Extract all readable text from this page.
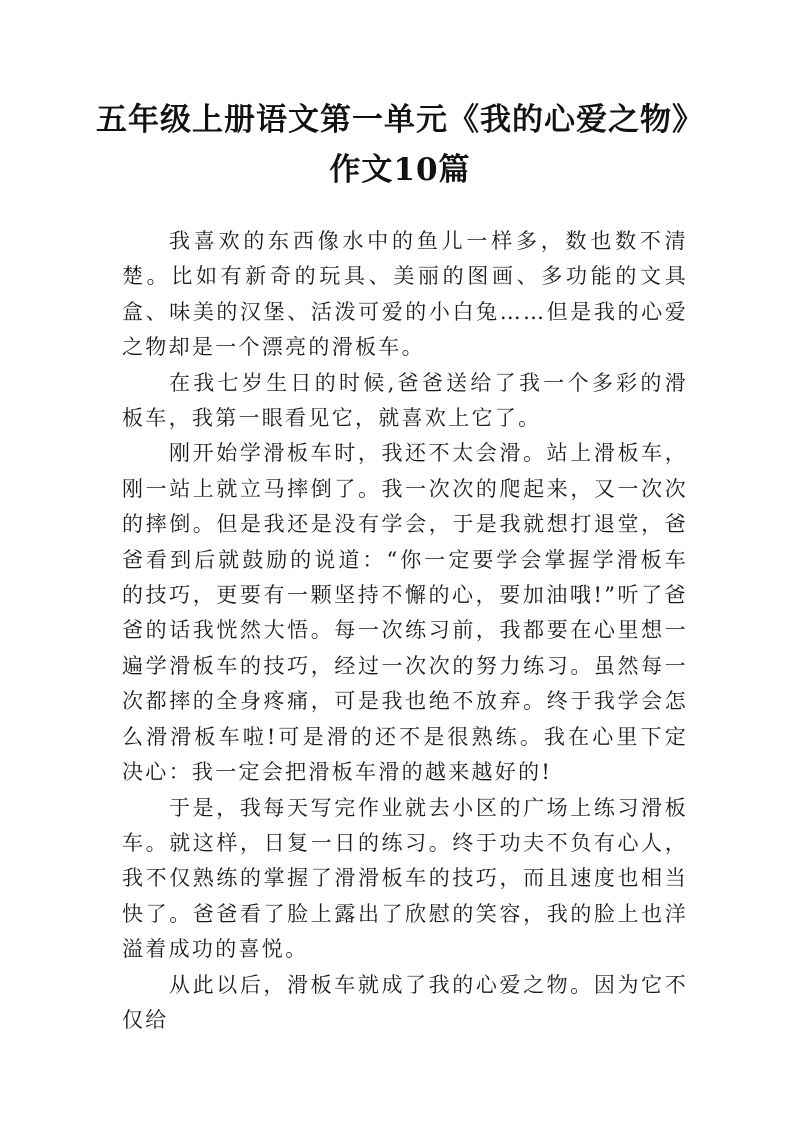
五年级上册语文第一单元《我的心爱之物》
作文10篇

我喜欢的东西像水中的鱼儿一样多，数也数不清楚。比如有新奇的玩具、美丽的图画、多功能的文具盒、味美的汉堡、活泼可爱的小白兔……但是我的心爱之物却是一个漂亮的滑板车。

在我七岁生日的时候,爸爸送给了我一个多彩的滑板车，我第一眼看见它，就喜欢上它了。

刚开始学滑板车时，我还不太会滑。站上滑板车，刚一站上就立马摔倒了。我一次次的爬起来，又一次次的摔倒。但是我还是没有学会，于是我就想打退堂，爸爸看到后就鼓励的说道：“你一定要学会掌握学滑板车的技巧，更要有一颗坚持不懈的心，要加油哦!”听了爸爸的话我恍然大悟。每一次练习前，我都要在心里想一遍学滑板车的技巧，经过一次次的努力练习。虽然每一次都摔的全身疼痛，可是我也绝不放弃。终于我学会怎么滑滑板车啦!可是滑的还不是很熟练。我在心里下定决心：我一定会把滑板车滑的越来越好的!

于是，我每天写完作业就去小区的广场上练习滑板车。就这样，日复一日的练习。终于功夫不负有心人，我不仅熟练的掌握了滑滑板车的技巧，而且速度也相当快了。爸爸看了脸上露出了欣慰的笑容，我的脸上也洋溢着成功的喜悦。

从此以后，滑板车就成了我的心爱之物。因为它不仅给
